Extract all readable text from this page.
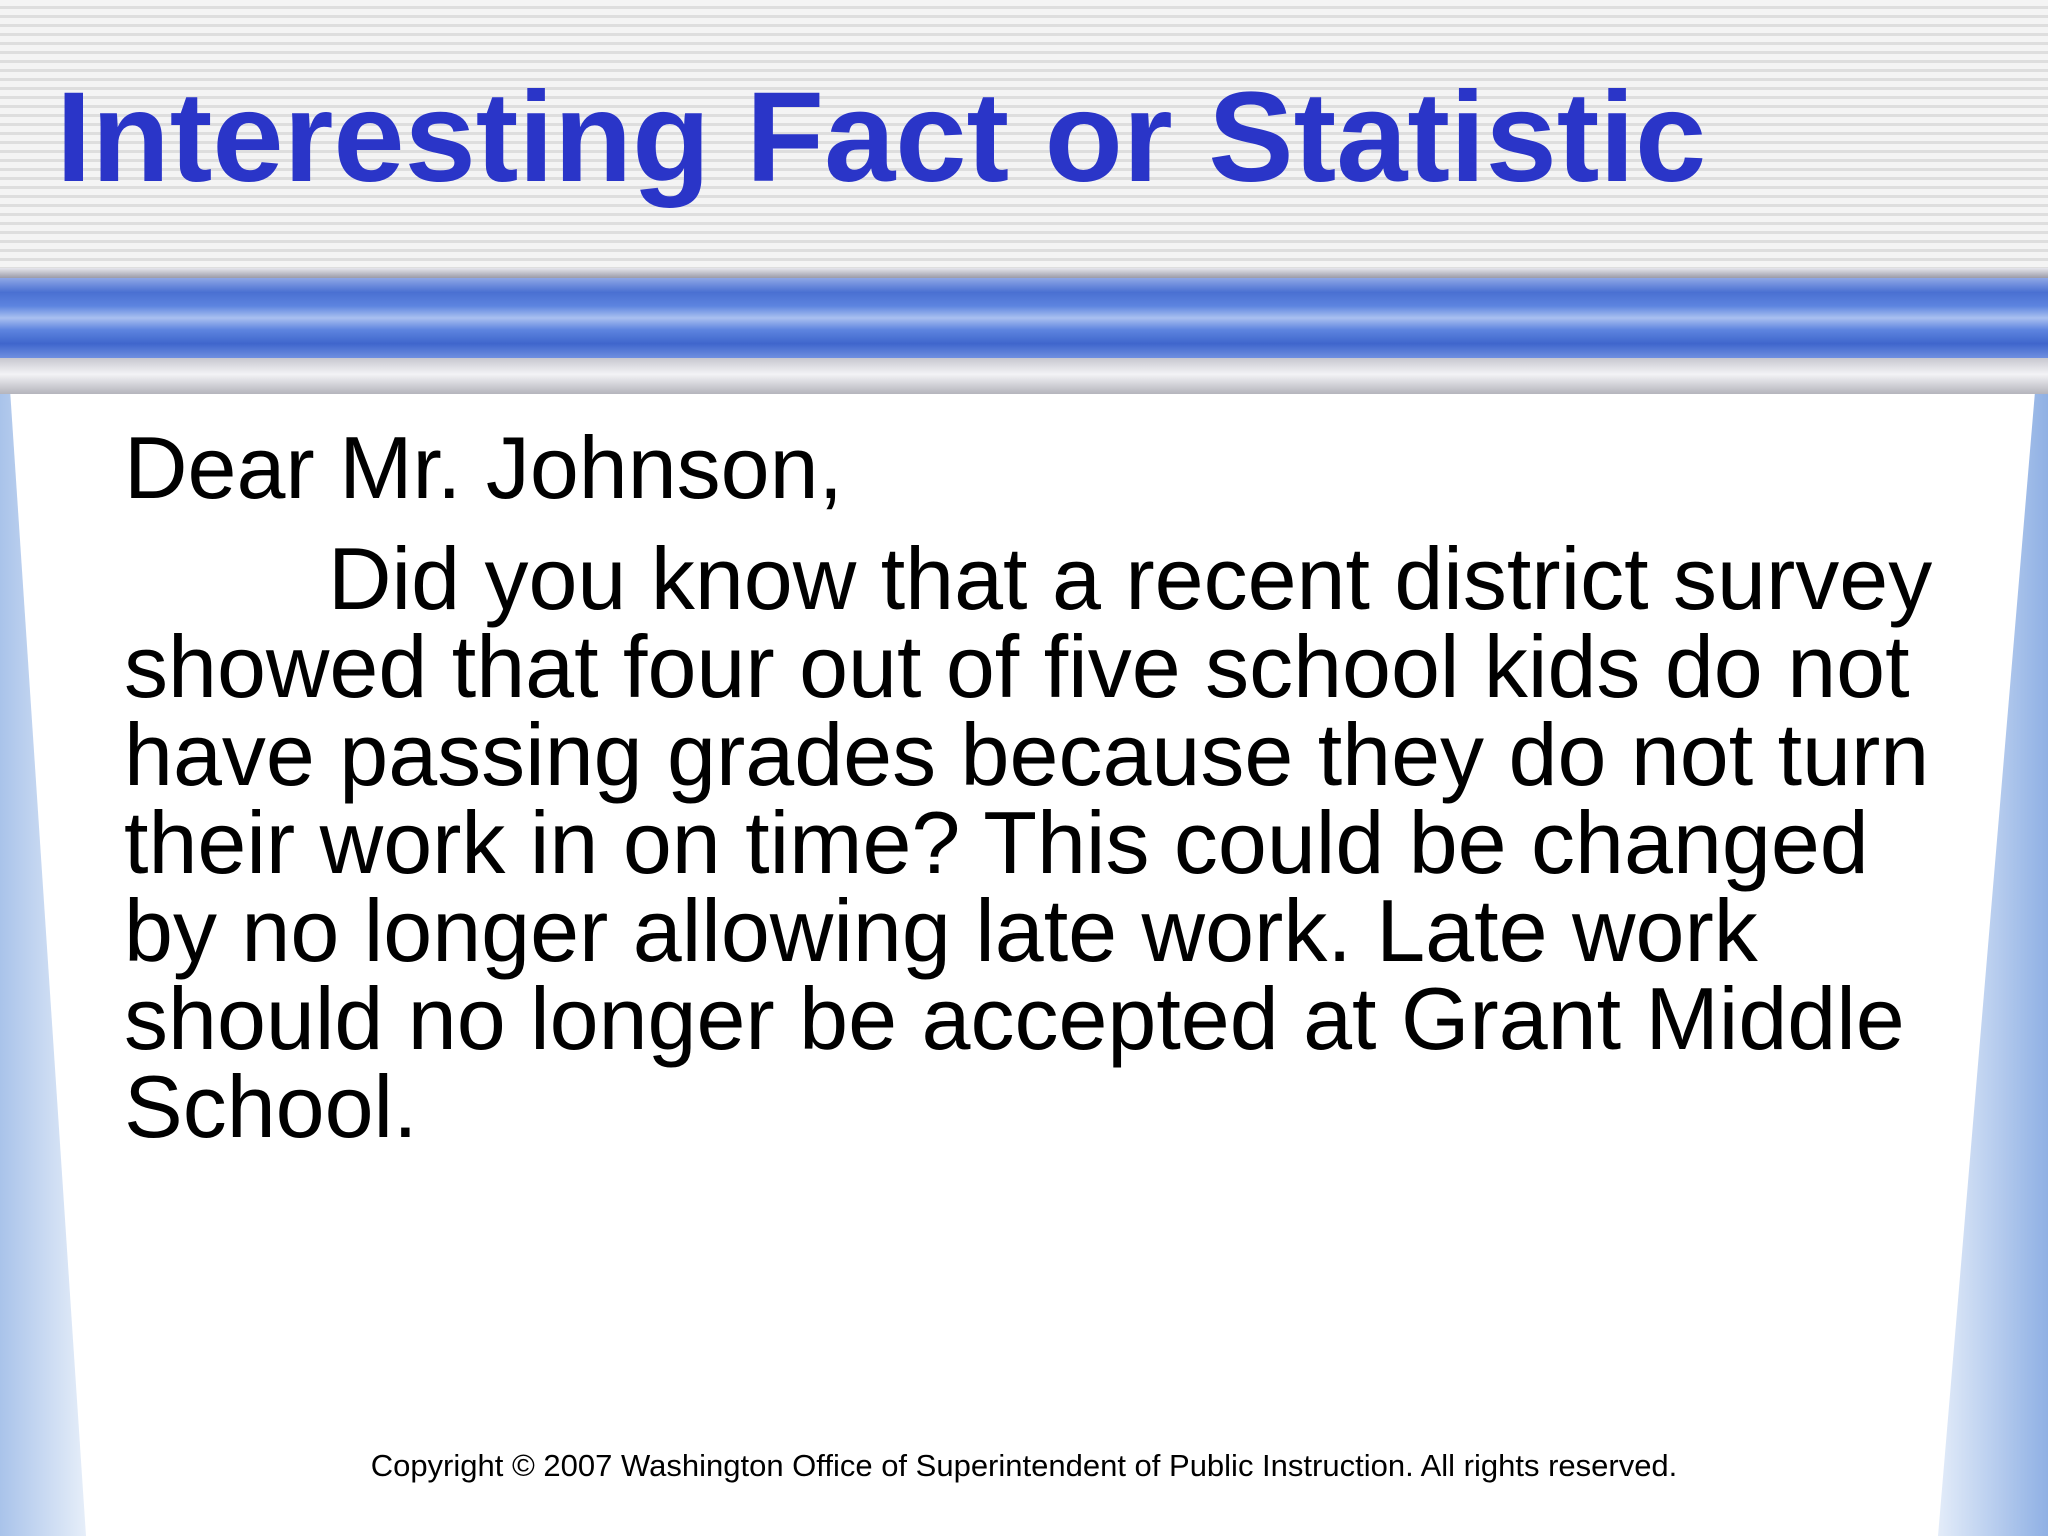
Interesting Fact or Statistic

Dear Mr. Johnson,

Did you know that a recent district survey showed that four out of five school kids do not have passing grades because they do not turn their work in on time? This could be changed by no longer allowing late work. Late work should no longer be accepted at Grant Middle School.

Copyright © 2007 Washington Office of Superintendent of Public Instruction. All rights reserved.
